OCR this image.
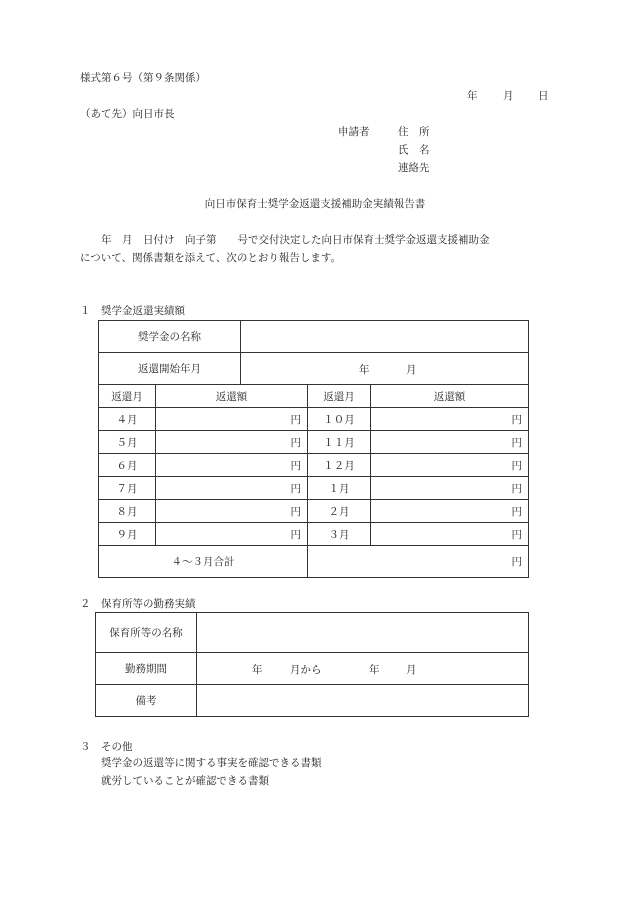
様式第６号（第９条関係）
年 月 日
（あて先）向日市長
申請者	住　所
氏　名
連絡先
向日市保育士奨学金返還支援補助金実績報告書
　　年　月　日付け　向子第　　号で交付決定した向日市保育士奨学金返還支援補助金
について、関係書類を添えて、次のとおり報告します。
１　奨学金返還実績額
奨学金の名称	
返還開始年月	年 月
返還月	返還額	返還月	返還額
４月	円	１０月	円
５月	円	１１月	円
６月	円	１２月	円
７月	円	１月	円
８月	円	２月	円
９月	円	３月	円
４～３月合計		円	
２　保育所等の勤務実績
保育所等の名称	
勤務期間	年 月から 年 月

備考	
３　その他
奨学金の返還等に関する事実を確認できる書類
就労していることが確認できる書類
